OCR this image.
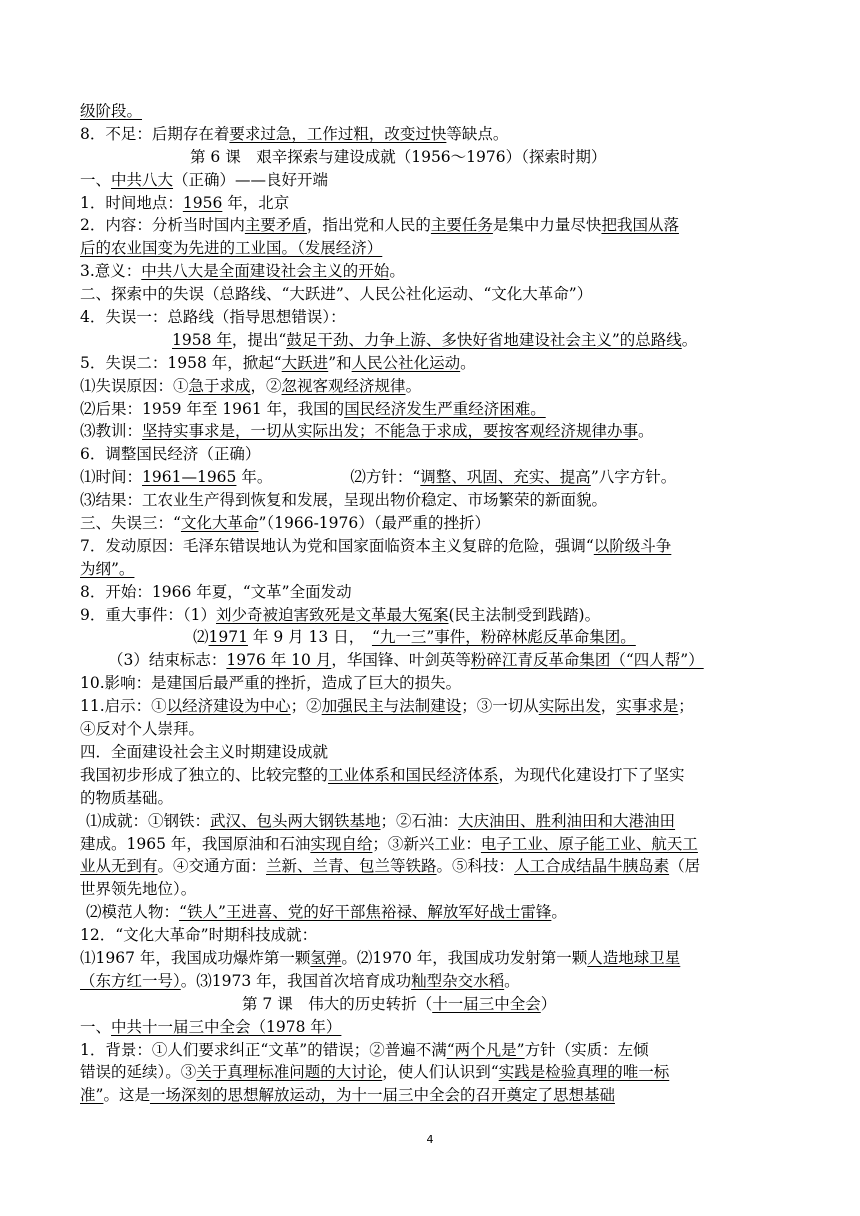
级阶段。
8．不足：后期存在着要求过急，工作过粗，改变过快等缺点。
第 6 课　艰辛探索与建设成就（1956～1976）（探索时期）
一、中共八大（正确）——良好开端
1．时间地点：1956 年，北京
2．内容：分析当时国内主要矛盾，指出党和人民的主要任务是集中力量尽快把我国从落
后的农业国变为先进的工业国。（发展经济）
3.意义：中共八大是全面建设社会主义的开始。
二、探索中的失误（总路线、“大跃进”、人民公社化运动、“文化大革命”）
4．失误一：总路线（指导思想错误）：
1958 年，提出“鼓足干劲、力争上游、多快好省地建设社会主义”的总路线。
5．失误二：1958 年，掀起“大跃进”和人民公社化运动。
⑴失误原因：①急于求成，②忽视客观经济规律。
⑵后果：1959 年至 1961 年，我国的国民经济发生严重经济困难。
⑶教训：坚持实事求是，一切从实际出发；不能急于求成，要按客观经济规律办事。
6．调整国民经济（正确）
⑴时间：1961—1965 年。	⑵方针：“调整、巩固、充实、提高”八字方针。
⑶结果：工农业生产得到恢复和发展，呈现出物价稳定、市场繁荣的新面貌。
三、失误三：“文化大革命”（1966-1976）（最严重的挫折）
7．发动原因：毛泽东错误地认为党和国家面临资本主义复辟的危险，强调“以阶级斗争
为纲”。
8．开始：1966 年夏，“文革”全面发动
9．重大事件：（1）刘少奇被迫害致死是文革最大冤案(民主法制受到践踏)。
⑵1971 年 9 月 13 日，　“九一三”事件，粉碎林彪反革命集团。
（3）结束标志：1976 年 10 月，华国锋、叶剑英等粉碎江青反革命集团（“四人帮”）
10.影响：是建国后最严重的挫折，造成了巨大的损失。
11.启示：①以经济建设为中心；②加强民主与法制建设；③一切从实际出发，实事求是；
④反对个人崇拜。
四．全面建设社会主义时期建设成就
我国初步形成了独立的、比较完整的工业体系和国民经济体系，为现代化建设打下了坚实
的物质基础。
⑴成就：①钢铁：武汉、包头两大钢铁基地；②石油：大庆油田、胜利油田和大港油田
建成。1965 年，我国原油和石油实现自给；③新兴工业：电子工业、原子能工业、航天工
业从无到有。④交通方面：兰新、兰青、包兰等铁路。⑤科技：人工合成结晶牛胰岛素（居
世界领先地位）。
⑵模范人物：“铁人”王进喜、党的好干部焦裕禄、解放军好战士雷锋。
12．“文化大革命”时期科技成就：
⑴1967 年，我国成功爆炸第一颗氢弹。⑵1970 年，我国成功发射第一颗人造地球卫星
（东方红一号）。⑶1973 年，我国首次培育成功籼型杂交水稻。
第 7 课　伟大的历史转折（十一届三中全会）
一、中共十一届三中全会（1978 年）
1．背景：①人们要求纠正“文革”的错误；②普遍不满“两个凡是”方针（实质：左倾
错误的延续）。③关于真理标准问题的大讨论，使人们认识到“实践是检验真理的唯一标
准”。这是一场深刻的思想解放运动，为十一届三中全会的召开奠定了思想基础
4
